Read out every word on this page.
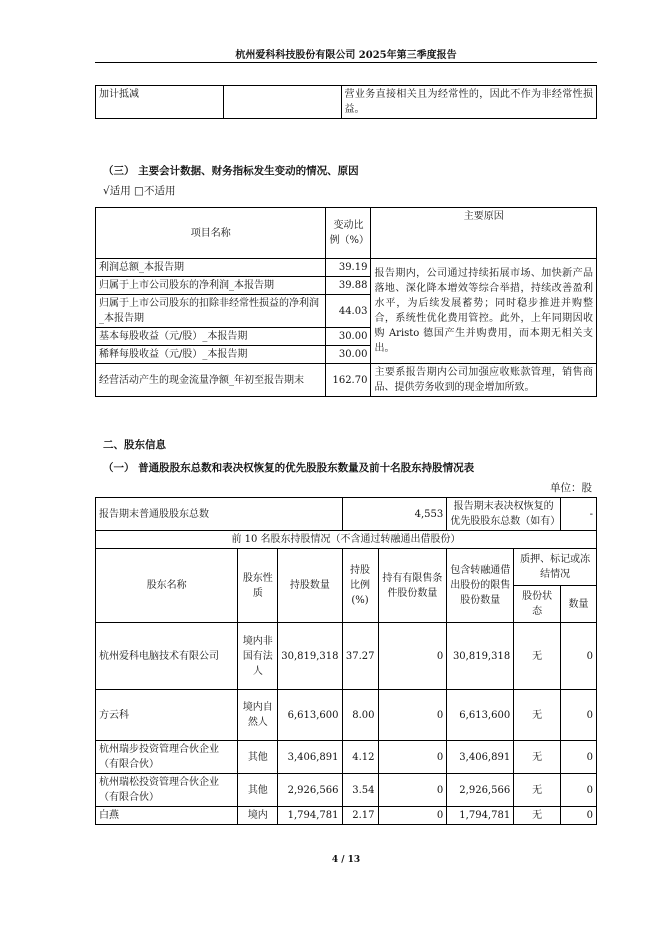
杭州爱科科技股份有限公司 2025年第三季度报告
加计抵减		营业务直接相关且为经常性的，因此不作为非经常性损益。
（三） 主要会计数据、财务指标发生变动的情况、原因
√适用 □不适用
项目名称	变动比例（%）	主要原因
利润总额_本报告期	39.19	报告期内，公司通过持续拓展市场、加快新产品落地、深化降本增效等综合举措，持续改善盈利水平，为后续发展蓄势；同时稳步推进并购整合，系统性优化费用管控。此外，上年同期因收购 Aristo 德国产生并购费用，而本期无相关支出。
归属于上市公司股东的净利润_本报告期	39.88	
归属于上市公司股东的扣除非经常性损益的净利润_本报告期	44.03	
基本每股收益（元/股）_本报告期	30.00	
稀释每股收益（元/股）_本报告期	30.00	
经营活动产生的现金流量净额_年初至报告期末	162.70	主要系报告期内公司加强应收账款管理，销售商品、提供劳务收到的现金增加所致。
二、股东信息
（一） 普通股股东总数和表决权恢复的优先股股东数量及前十名股东持股情况表
单位：股
报告期末普通股股东总数			4,553		报告期末表决权恢复的优先股股东总数（如有）		-
前 10 名股东持股情况（不含通过转融通出借股份）							
股东名称	股东性质	持股数量	持股比例(%)	持有有限售条件股份数量	包含转融通借出股份的限售股份数量	质押、标记或冻结情况	
						股份状态	数量
杭州爱科电脑技术有限公司	境内非国有法人	30,819,318	37.27	0	30,819,318	无	0
方云科	境内自然人	6,613,600	8.00	0	6,613,600	无	0
杭州瑞步投资管理合伙企业（有限合伙）	其他	3,406,891	4.12	0	3,406,891	无	0
杭州瑞松投资管理合伙企业（有限合伙）	其他	2,926,566	3.54	0	2,926,566	无	0
白燕	境内	1,794,781	2.17	0	1,794,781	无	0
4 / 13
